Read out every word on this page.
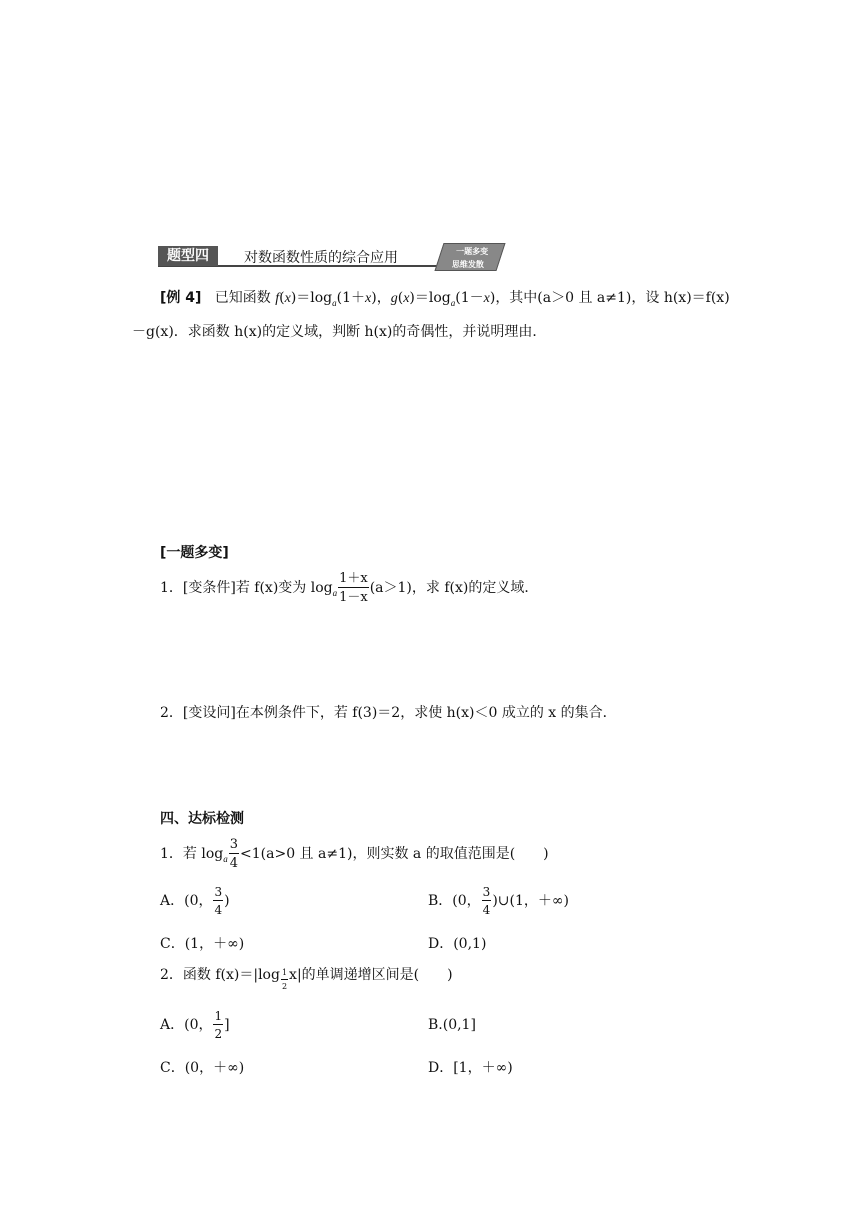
题型四	对数函数性质的综合应用	一题多变
思维发散
[例 4] 已知函数 $f(x)=\log_a(1+x)$，$g(x)=\log_a(1-x)$，其中(a＞0 且 a≠1)，设 h(x)＝f(x)
－g(x)．求函数 h(x)的定义域，判断 h(x)的奇偶性，并说明理由．
[一题多变]
1．[变条件]若 f(x)变为 $\log_a \frac{1+x}{1-x} (a>1)$，求 f(x)的定义域．
2．[变设问]在本例条件下，若 f(3)＝2，求使 h(x)＜0 成立的 x 的集合．
四、达标检测
1．若 $\log_a \frac{3}{4} <1(a>0$ 且 a≠1)，则实数 a 的取值范围是(　　)
A．(0， $\frac{3}{4}$ )	B．(0， $\frac{3}{4}$ )∪(1，＋∞)
C．(1，＋∞)	D．(0,1)
2．函数 $f(x)=|\log \frac{1}{2} x|$的单调递增区间是(　　)
A．(0， $\frac{1}{2}$ ]	B.(0,1]
C．(0，＋∞)	D．[1，＋∞)
